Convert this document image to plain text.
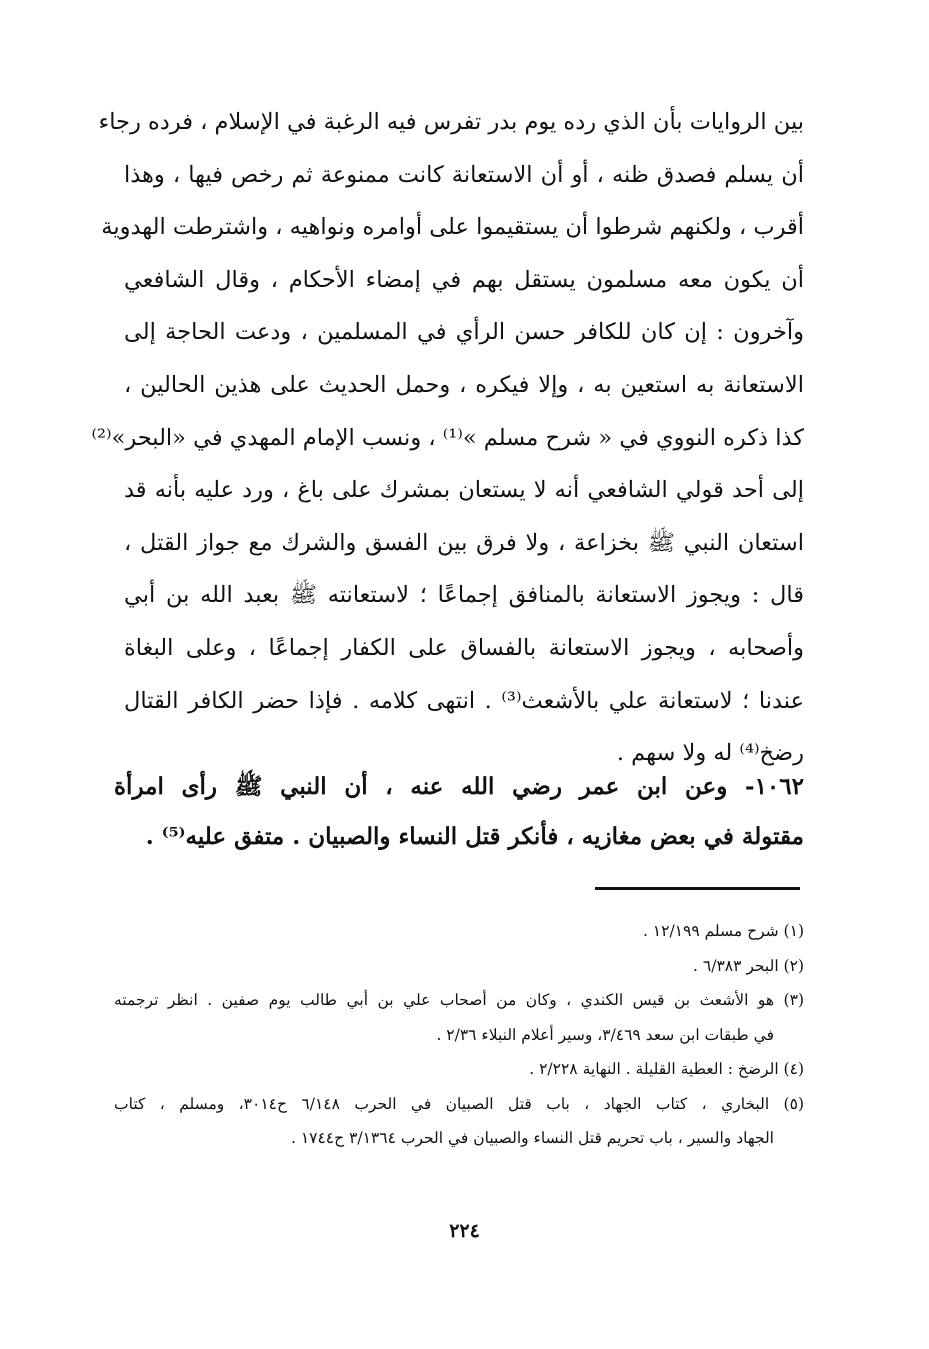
بين الروايات بأن الذي رده يوم بدر تفرس فيه الرغبة في الإسلام ، فرده رجاء
أن يسلم فصدق ظنه ، أو أن الاستعانة كانت ممنوعة ثم رخص فيها ، وهذا
أقرب ، ولكنهم شرطوا أن يستقيموا على أوامره ونواهيه ، واشترطت الهدوية
أن يكون معه مسلمون يستقل بهم في إمضاء الأحكام ، وقال الشافعي
وآخرون : إن كان للكافر حسن الرأي في المسلمين ، ودعت الحاجة إلى
الاستعانة به استعين به ، وإلا فيكره ، وحمل الحديث على هذين الحالين ،
كذا ذكره النووي في « شرح مسلم »⁽¹⁾ ، ونسب الإمام المهدي في «البحر»⁽²⁾
إلى أحد قولي الشافعي أنه لا يستعان بمشرك على باغ ، ورد عليه بأنه قد
استعان النبي ﷺ بخزاعة ، ولا فرق بين الفسق والشرك مع جواز القتل ،
قال : ويجوز الاستعانة بالمنافق إجماعًا ؛ لاستعانته ﷺ بعبد الله بن أبي
وأصحابه ، ويجوز الاستعانة بالفساق على الكفار إجماعًا ، وعلى البغاة
عندنا ؛ لاستعانة علي بالأشعث⁽³⁾ . انتهى كلامه . فإذا حضر الكافر القتال
رضخ⁽⁴⁾ له ولا سهم .
١٠٦٢- وعن ابن عمر رضي الله عنه ، أن النبي ﷺ رأى امرأة
مقتولة في بعض مغازيه ، فأنكر قتل النساء والصبيان . متفق عليه⁽⁵⁾ .
(١) شرح مسلم ١٢/١٩٩ .
(٢) البحر ٦/٣٨٣ .
(٣) هو الأشعث بن قيس الكندي ، وكان من أصحاب علي بن أبي طالب يوم صفين . انظر ترجمته
في طبقات ابن سعد ٣/٤٦٩، وسير أعلام النبلاء ٢/٣٦ .
(٤) الرضخ : العطية القليلة . النهاية ٢/٢٢٨ .
(٥) البخاري ، كتاب الجهاد ، باب قتل الصبيان في الحرب ٦/١٤٨ ح٣٠١٤، ومسلم ، كتاب
الجهاد والسير ، باب تحريم قتل النساء والصبيان في الحرب ٣/١٣٦٤ ح١٧٤٤ .
٢٢٤
